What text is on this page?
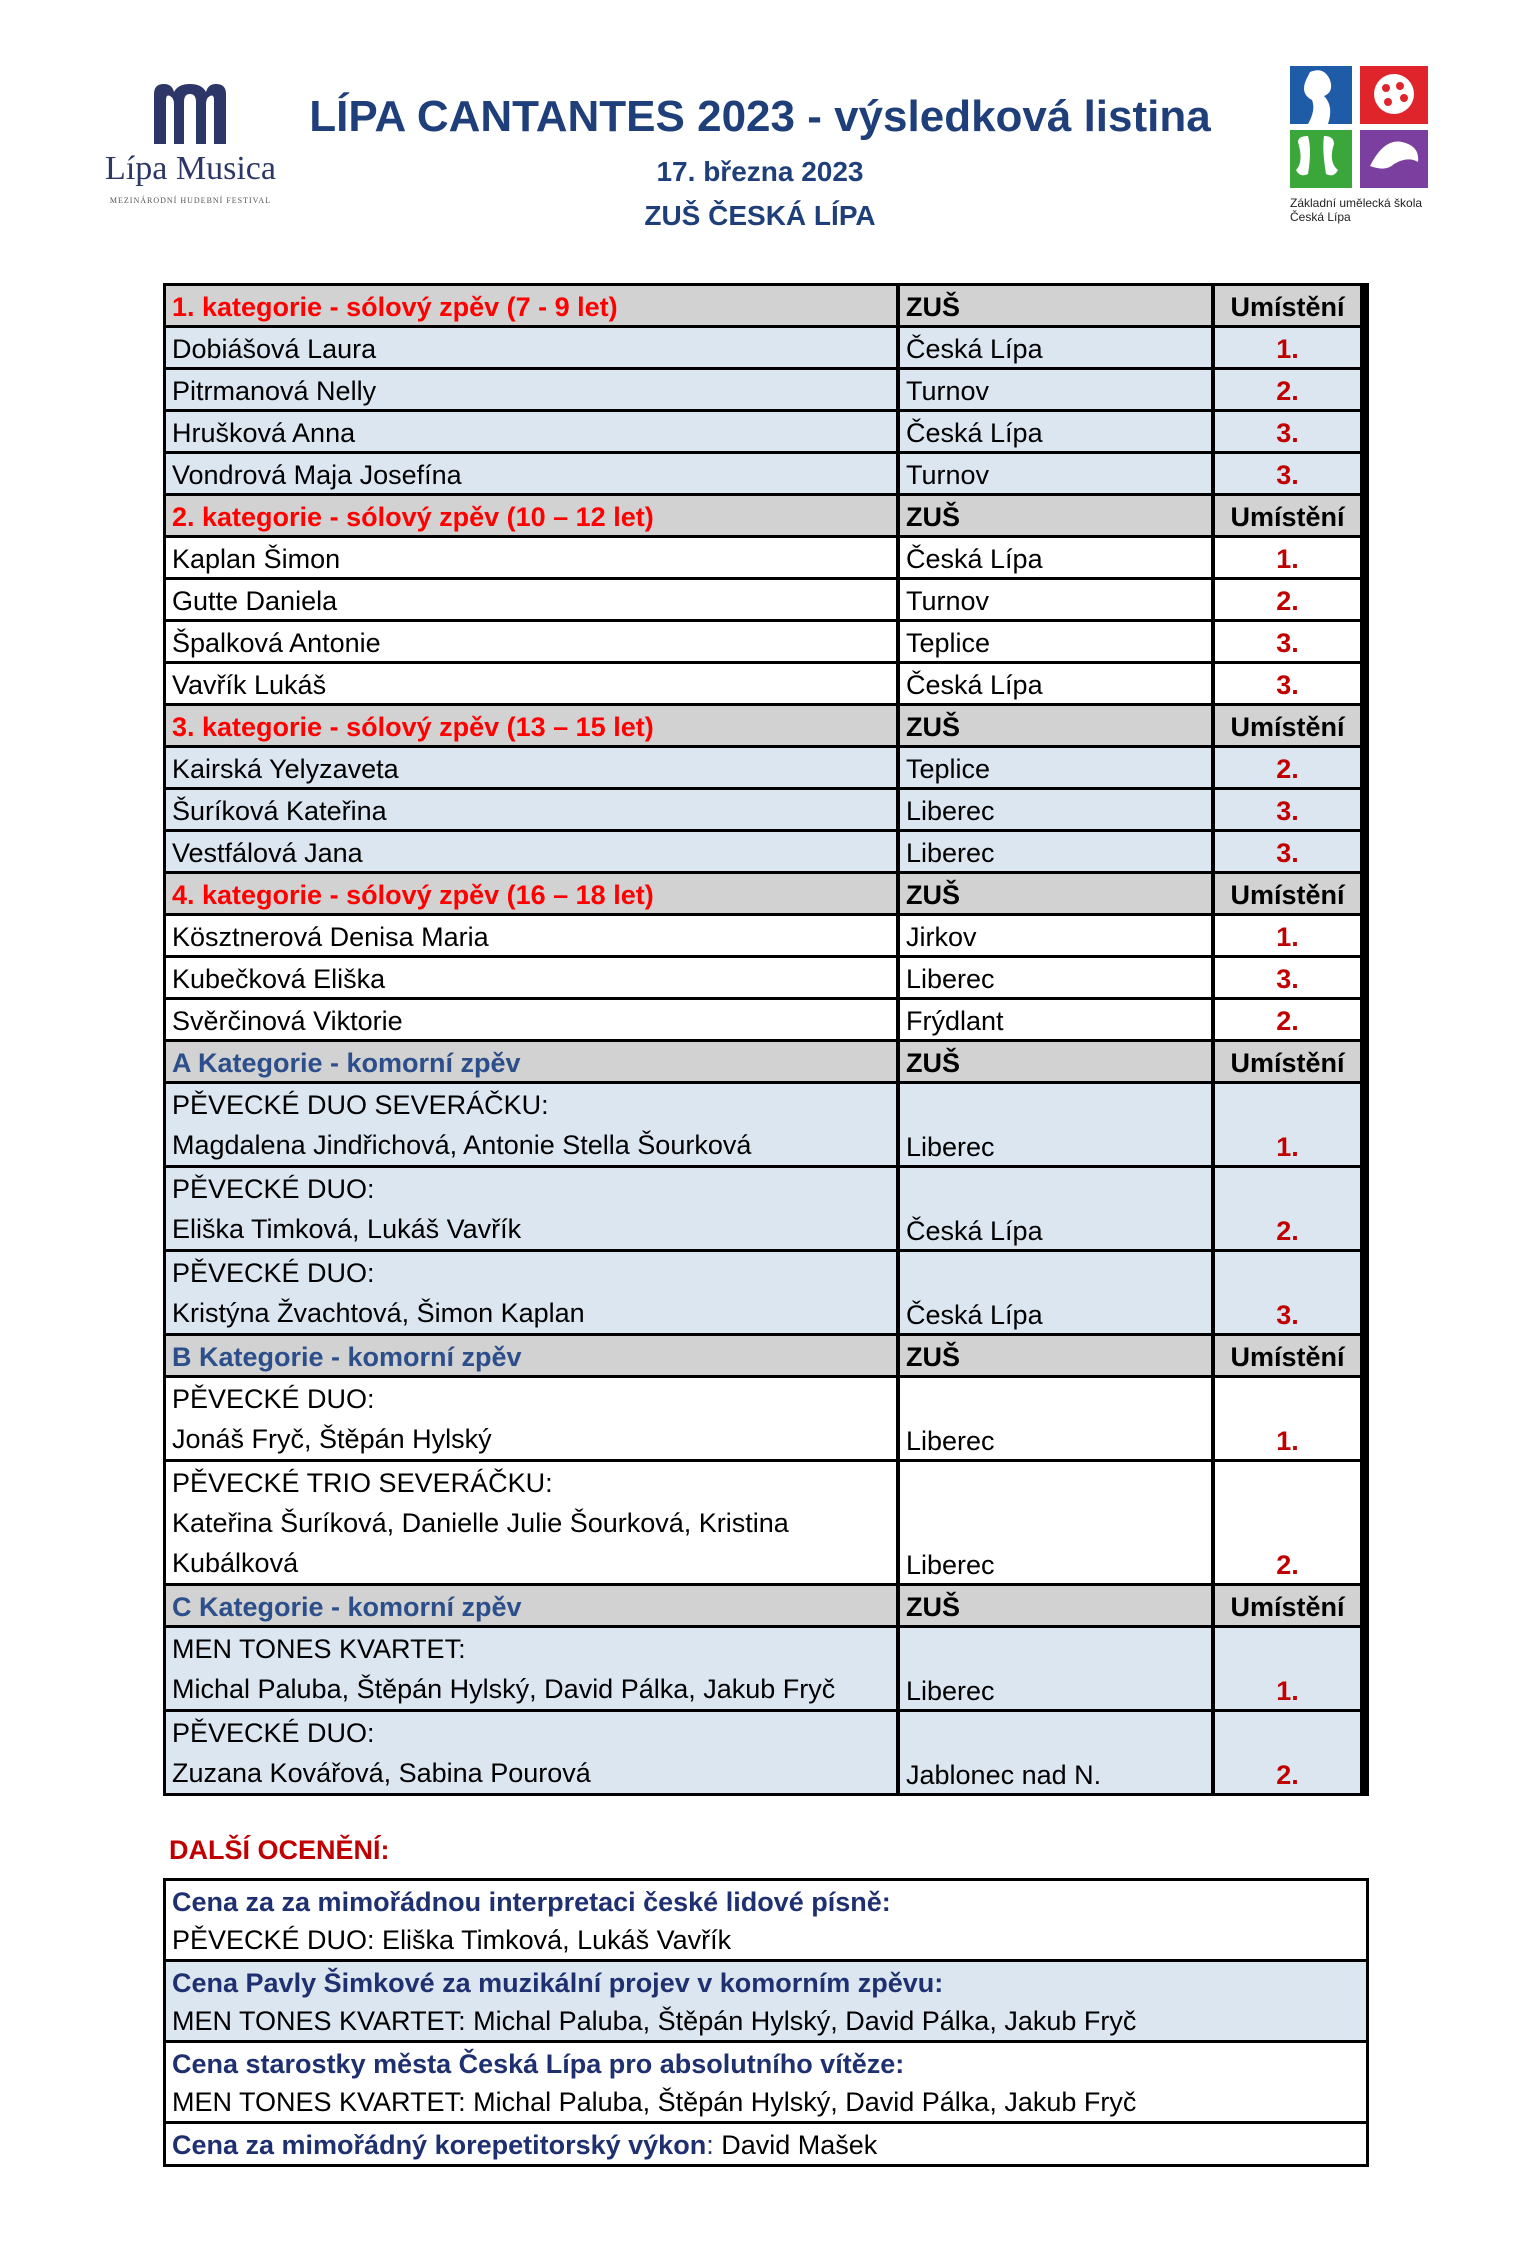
Lípa Musica
MEZINÁRODNÍ HUDEBNÍ FESTIVAL
LÍPA CANTANTES 2023 - výsledková listina
17. března 2023
ZUŠ ČESKÁ LÍPA	Základní umělecká škola
Česká Lípa
1. kategorie - sólový zpěv (7 - 9 let)	ZUŠ	Umístění
Dobiášová Laura	Česká Lípa	1.
Pitrmanová Nelly	Turnov	2.
Hrušková Anna	Česká Lípa	3.
Vondrová Maja Josefína	Turnov	3.
2. kategorie - sólový zpěv (10 – 12 let)	ZUŠ	Umístění
Kaplan Šimon	Česká Lípa	1.
Gutte Daniela	Turnov	2.
Špalková Antonie	Teplice	3.
Vavřík Lukáš	Česká Lípa	3.
3. kategorie - sólový zpěv (13 – 15 let)	ZUŠ	Umístění
Kairská Yelyzaveta	Teplice	2.
Šuríková Kateřina	Liberec	3.
Vestfálová Jana	Liberec	3.
4. kategorie - sólový zpěv (16 – 18 let)	ZUŠ	Umístění
Kösztnerová Denisa Maria	Jirkov	1.
Kubečková Eliška	Liberec	3.
Svěrčinová Viktorie	Frýdlant	2.
A Kategorie - komorní zpěv	ZUŠ	Umístění
PĚVECKÉ DUO SEVERÁČKU:
Magdalena Jindřichová, Antonie Stella Šourková	Liberec	1.
PĚVECKÉ DUO:
Eliška Timková, Lukáš Vavřík	Česká Lípa	2.
PĚVECKÉ DUO:
Kristýna Žvachtová, Šimon Kaplan	Česká Lípa	3.
B Kategorie - komorní zpěv	ZUŠ	Umístění
PĚVECKÉ DUO:
Jonáš Fryč, Štěpán Hylský	Liberec	1.
PĚVECKÉ TRIO SEVERÁČKU:
Kateřina Šuríková, Danielle Julie Šourková, Kristina
Kubálková	Liberec	2.
C Kategorie - komorní zpěv	ZUŠ	Umístění
MEN TONES KVARTET:
Michal Paluba, Štěpán Hylský, David Pálka, Jakub Fryč	Liberec	1.
PĚVECKÉ DUO:
Zuzana Kovářová, Sabina Pourová	Jablonec nad N.	2.
DALŠÍ OCENĚNÍ:
Cena za za mimořádnou interpretaci české lidové písně:
PĚVECKÉ DUO: Eliška Timková, Lukáš Vavřík
Cena Pavly Šimkové za muzikální projev v komorním zpěvu:
MEN TONES KVARTET: Michal Paluba, Štěpán Hylský, David Pálka, Jakub Fryč
Cena starostky města Česká Lípa pro absolutního vítěze:
MEN TONES KVARTET: Michal Paluba, Štěpán Hylský, David Pálka, Jakub Fryč
Cena za mimořádný korepetitorský výkon : David Mašek
